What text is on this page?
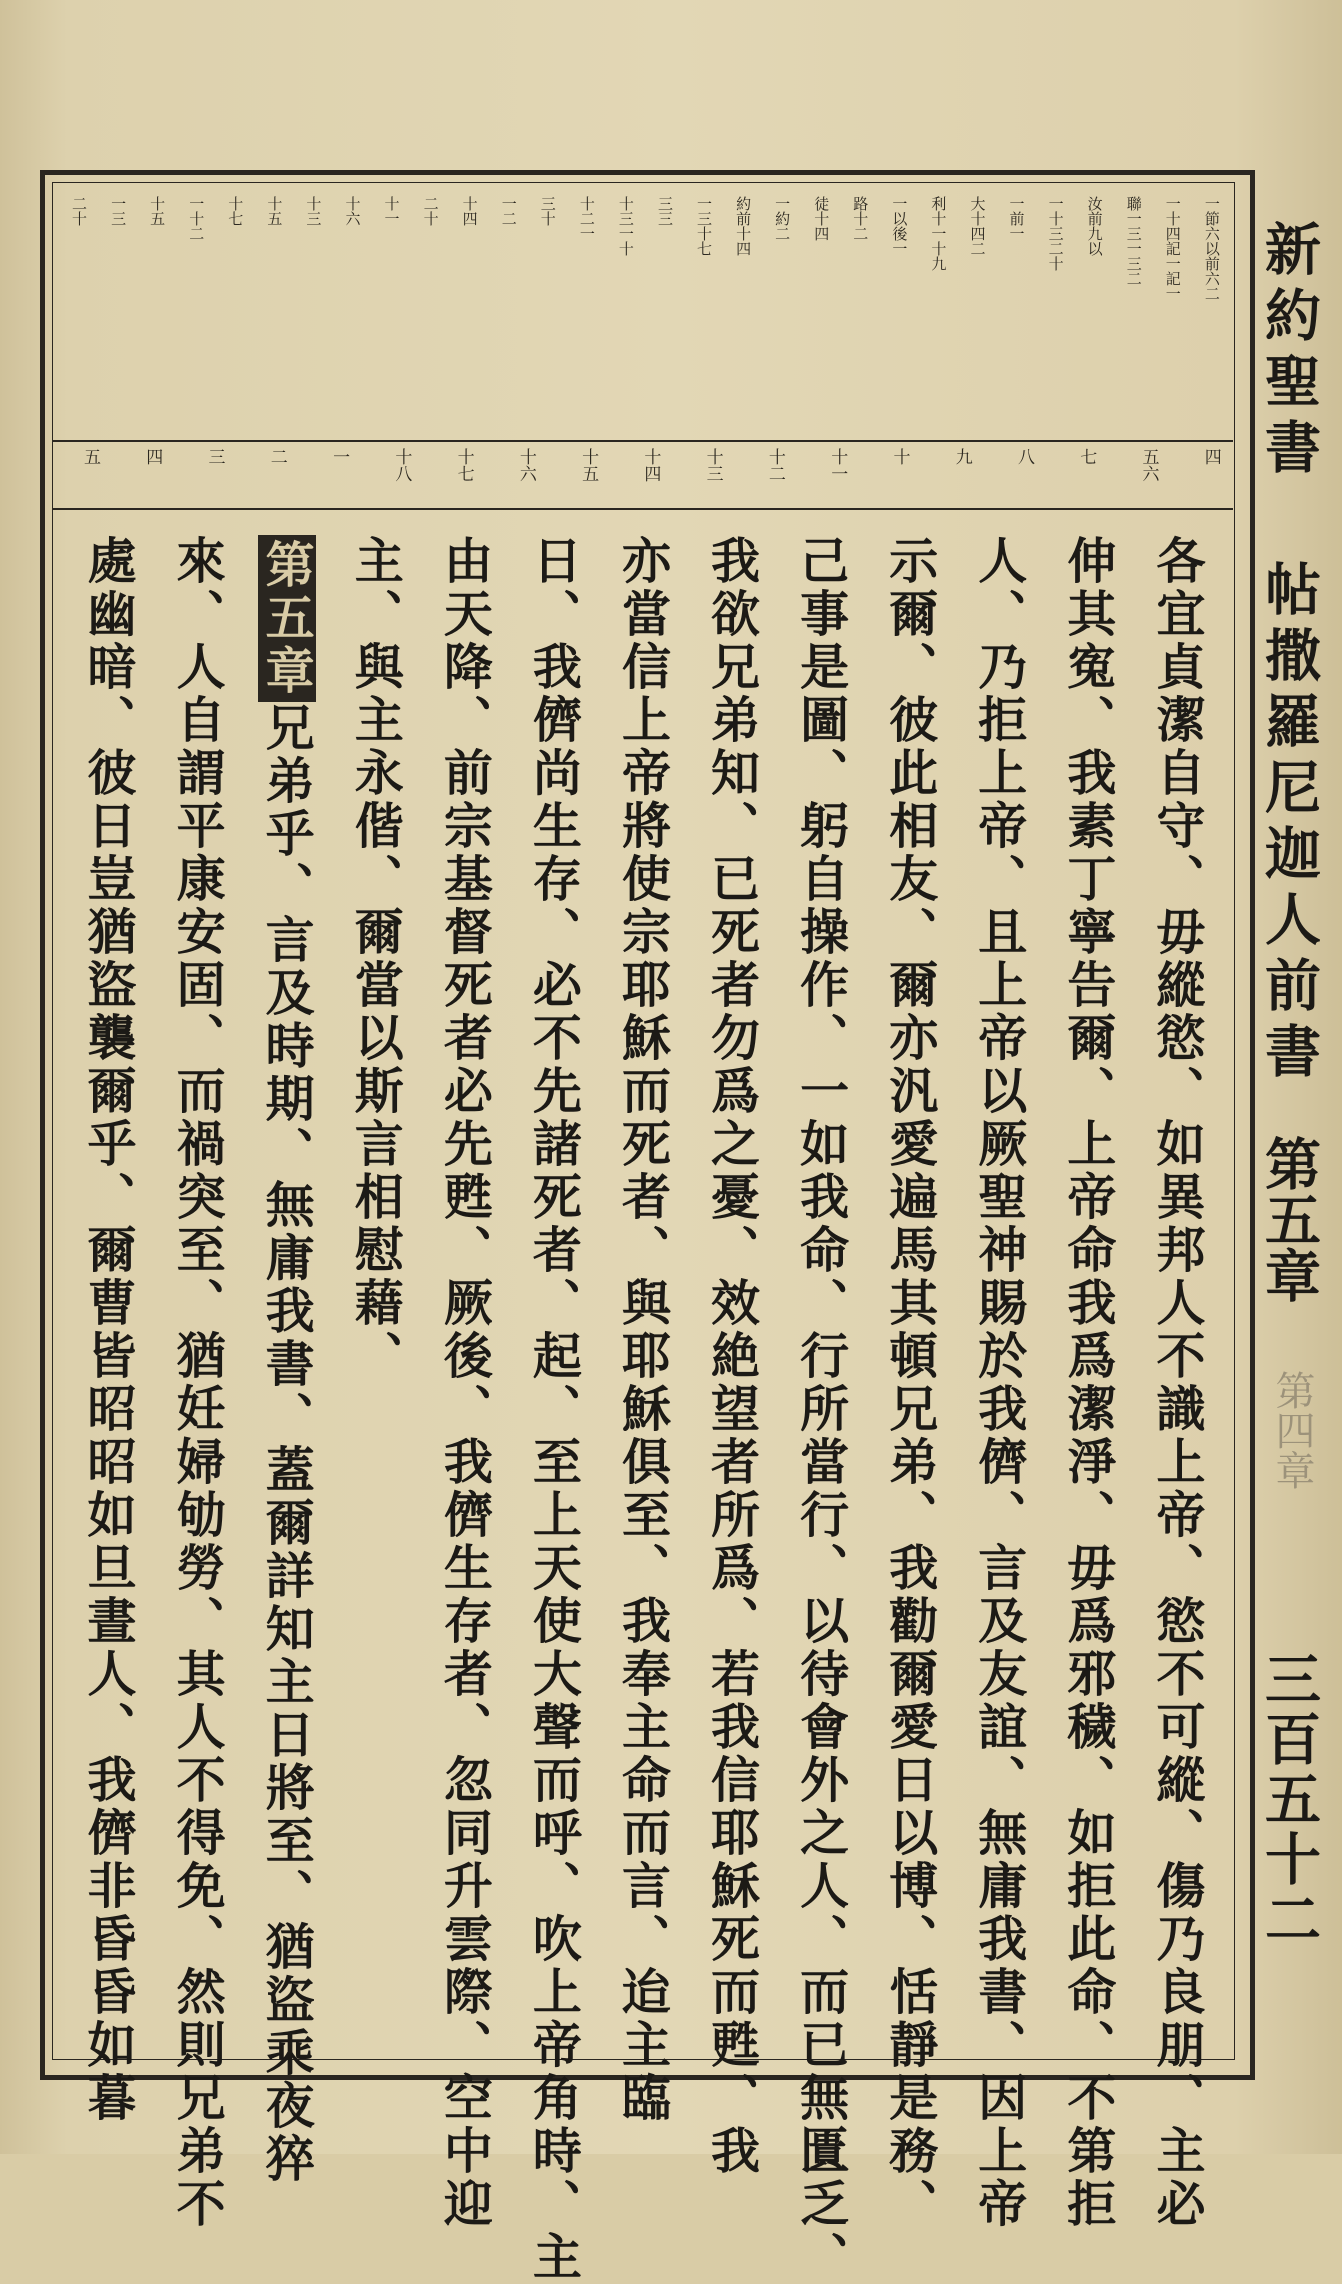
新約聖書 帖撒羅尼迦人前書
第五章
第四章
三百五十二
一節六以前六二
一十四記一記一
聯一三一三二
汝前九以
一十三二十
一前一
大十四二
利十一十九
一以後一
路十二
徒十四
一約二
約前十四
一三十七
三三
十三一十
十二一
三十
一二
十四
二十
十一
十六
十三
十五
十七
一十二
十五
一三
二十
四
五六
七
八
九
十
十一
十二
十三
十四
十五
十六
十七
十八
一
二
三
四
五
各宜貞潔自守、毋縱慾、如異邦人不識上帝、慾不可縱、傷乃良朋、主必
伸其寃、我素丁寧告爾、上帝命我爲潔淨、毋爲邪穢、如拒此命、不第拒
人、乃拒上帝、且上帝以厥聖神賜於我儕、言及友誼、無庸我書、因上帝
示爾、彼此相友、爾亦汎愛遍馬其頓兄弟、我勸爾愛日以博、恬靜是務、
己事是圖、躬自操作、一如我命、行所當行、以待會外之人、而已無匱乏、
我欲兄弟知、已死者勿爲之憂、效絶望者所爲、若我信耶穌死而甦、我
亦當信上帝將使宗耶穌而死者、與耶穌俱至、我奉主命而言、迨主臨
日、我儕尚生存、必不先諸死者、起、至上天使大聲而呼、吹上帝角時、主
由天降、前宗基督死者必先甦、厥後、我儕生存者、忽同升雲際、空中迎
主、與主永偕、爾當以斯言相慰藉、
第五章兄弟乎、言及時期、無庸我書、蓋爾詳知主日將至、猶盜乘夜猝
來、人自謂平康安固、而禍突至、猶妊婦劬勞、其人不得免、然則兄弟不
處幽暗、彼日豈猶盜襲爾乎、爾曹皆昭昭如旦晝人、我儕非昏昏如暮
